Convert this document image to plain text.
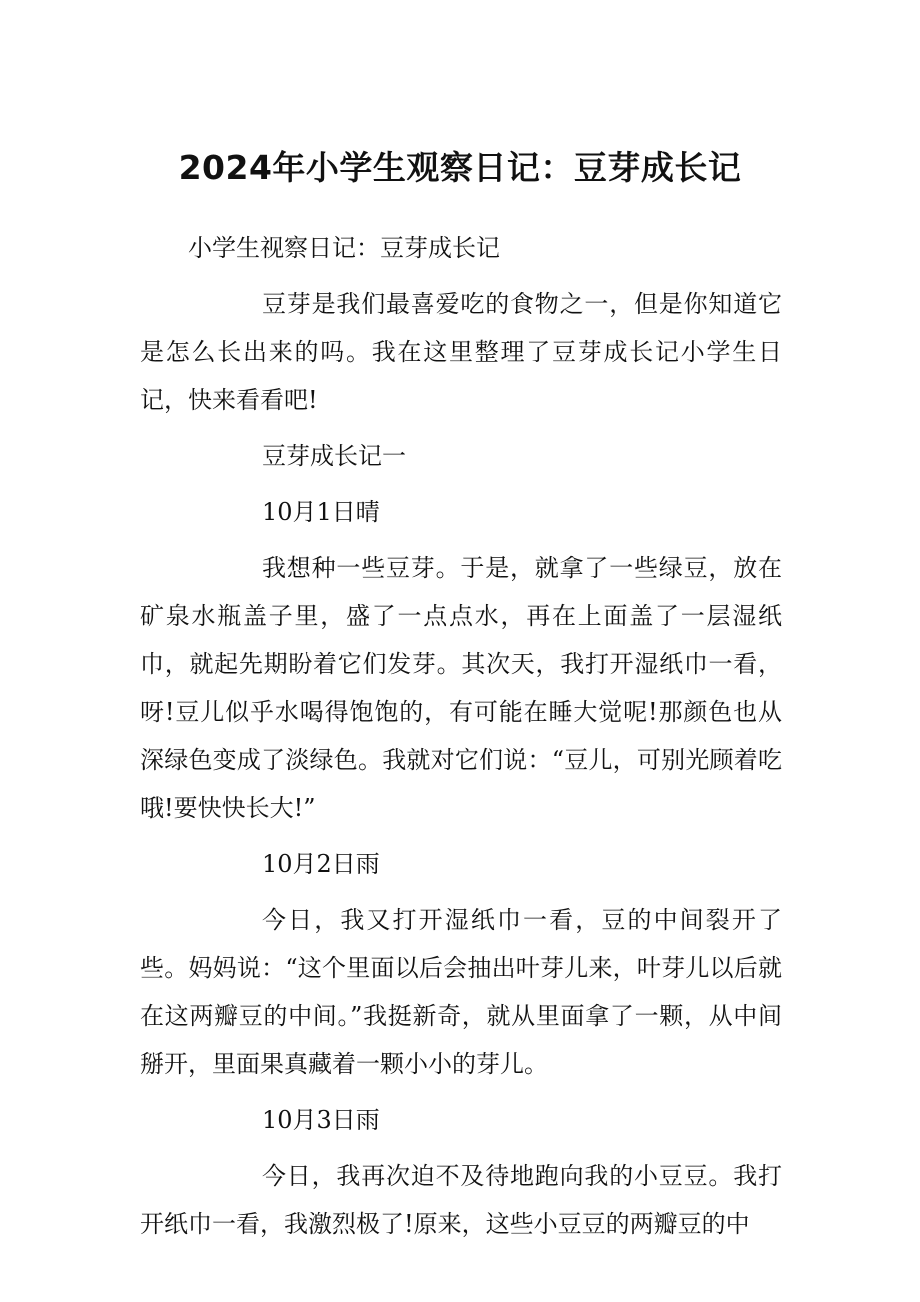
2024年小学生观察日记：豆芽成长记

小学生视察日记：豆芽成长记

豆芽是我们最喜爱吃的食物之一，但是你知道它是怎么长出来的吗。我在这里整理了豆芽成长记小学生日记，快来看看吧!

豆芽成长记一

10月1日晴

我想种一些豆芽。于是，就拿了一些绿豆，放在矿泉水瓶盖子里，盛了一点点水，再在上面盖了一层湿纸巾，就起先期盼着它们发芽。其次天，我打开湿纸巾一看，呀!豆儿似乎水喝得饱饱的，有可能在睡大觉呢!那颜色也从深绿色变成了淡绿色。我就对它们说：“豆儿，可别光顾着吃哦!要快快长大!”

10月2日雨

今日，我又打开湿纸巾一看，豆的中间裂开了些。妈妈说：“这个里面以后会抽出叶芽儿来，叶芽儿以后就在这两瓣豆的中间。”我挺新奇，就从里面拿了一颗，从中间掰开，里面果真藏着一颗小小的芽儿。

10月3日雨

今日，我再次迫不及待地跑向我的小豆豆。我打开纸巾一看，我激烈极了!原来，这些小豆豆的两瓣豆的中
